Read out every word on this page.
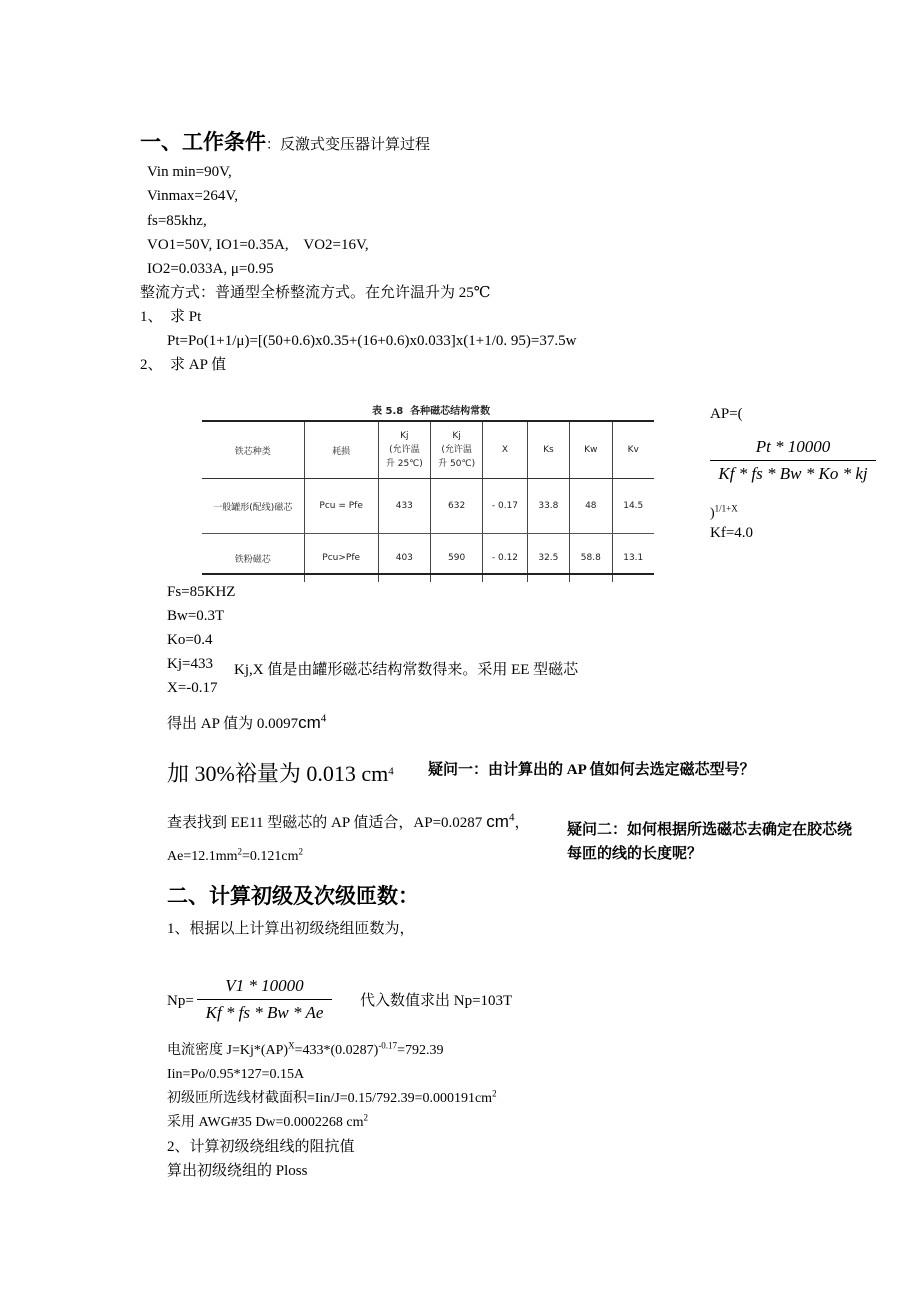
一、工作条件：反激式变压器计算过程
Vin min=90V,
Vinmax=264V,
fs=85khz,
VO1=50V, IO1=0.35A,    VO2=16V,
IO2=0.033A, μ=0.95
整流方式：普通型全桥整流方式。在允许温升为 25℃
1、  求 Pt
Pt=Po(1+1/μ)=[(50+0.6)x0.35+(16+0.6)x0.033]x(1+1/0. 95)=37.5w
2、  求 AP 值
表 5.8  各种磁芯结构常数
铁芯种类	耗损	Kj
(允许温
升 25℃)	Kj
(允许温
升 50℃)	X	Ks	Kw	Kv
一般罐形(配线)磁芯	Pcu = Pfe	433	632	- 0.17	33.8	48	14.5
铁粉磁芯	Pcu>Pfe	403	590	- 0.12	32.5	58.8	13.1
AP=(
Pt * 10000
Kf * fs * Bw * Ko * kj
)$^{1/1+X}$
Kf=4.0
Fs=85KHZ
Bw=0.3T
Ko=0.4
Kj=433
X=-0.17
Kj,X 值是由罐形磁芯结构常数得来。采用 EE 型磁芯
得出 AP 值为 $0.0097cm^4$
加 30%裕量为 0.013 $cm^4$ 疑问一：由计算出的 AP 值如何去选定磁芯型号？
查表找到 EE11 型磁芯的 AP 值适合，AP=0.0287 $cm^4$，	疑问二：如何根据所选磁芯去确定在胶芯绕
每匝的线的长度呢？
$Ae=12.1mm^2=0.121cm^2$
二、计算初级及次级匝数：
1、根据以上计算出初级绕组匝数为，
Np=
V1 * 10000
Kf * fs * Bw * Ae
代入数值求出 Np=103T
电流密度 $J=Kj*(AP)^X=433*(0.0287)^{-0.17}=792.39$
Iin=Po/0.95*127=0.15A
初级匝所选线材截面积$=Iin/J=0.15/792.39=0.000191cm^2$
采用 AWG#35 Dw=0.0002268 $cm^2$
2、计算初级绕组线的阻抗值
算出初级绕组的 Ploss
